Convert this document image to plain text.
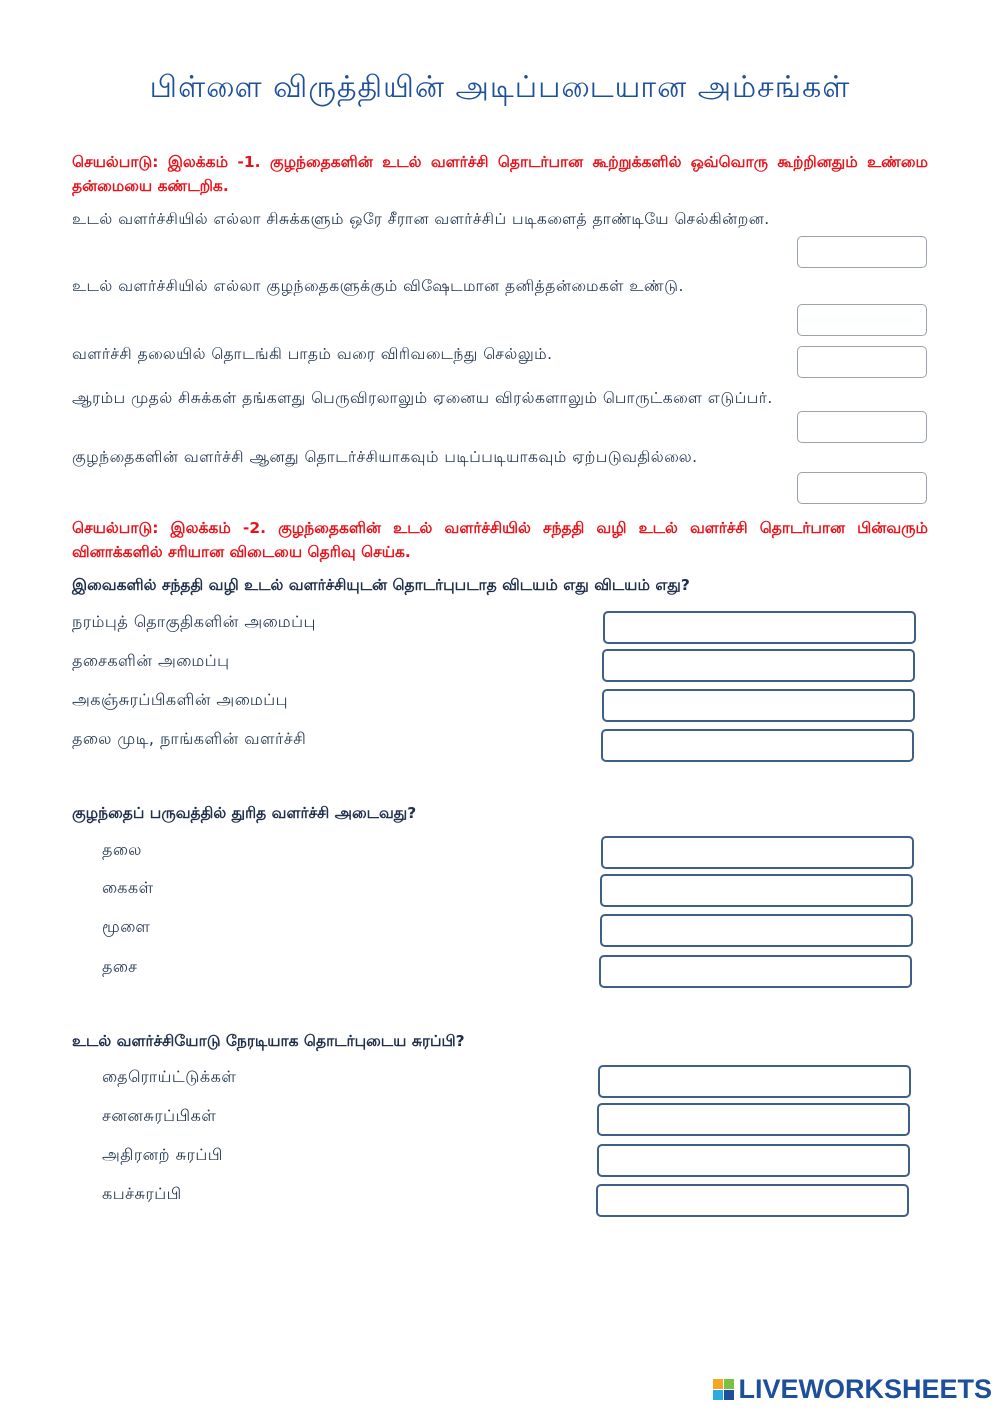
பிள்ளை விருத்தியின் அடிப்படையான அம்சங்கள்
செயல்பாடு: இலக்கம் -1. குழந்தைகளின் உடல் வளர்ச்சி தொடர்பான கூற்றுக்களில் ஒவ்வொரு கூற்றினதும் உண்மை தன்மையை கண்டறிக.
உடல் வளர்ச்சியில் எல்லா சிசுக்களும் ஒரே சீரான வளர்ச்சிப் படிகளைத் தாண்டியே செல்கின்றன.
உடல் வளர்ச்சியில் எல்லா குழந்தைகளுக்கும் விஷேடமான தனித்தன்மைகள் உண்டு.
வளர்ச்சி தலையில் தொடங்கி பாதம் வரை விரிவடைந்து செல்லும்.
ஆரம்ப முதல் சிசுக்கள் தங்களது பெருவிரலாலும் ஏனைய விரல்களாலும் பொருட்களை எடுப்பர்.
குழந்தைகளின் வளர்ச்சி ஆனது தொடர்ச்சியாகவும் படிப்படியாகவும் ஏற்படுவதில்லை.
செயல்பாடு: இலக்கம் -2. குழந்தைகளின் உடல் வளர்ச்சியில் சந்ததி வழி உடல் வளர்ச்சி தொடர்பான பின்வரும் வினாக்களில் சரியான விடையை தெரிவு செய்க.
இவைகளில் சந்ததி வழி உடல் வளர்ச்சியுடன் தொடர்புபடாத விடயம் எது விடயம் எது?
நரம்புத் தொகுதிகளின் அமைப்பு
தசைகளின் அமைப்பு
அகஞ்சுரப்பிகளின் அமைப்பு
தலை முடி, நாங்களின் வளர்ச்சி
குழந்தைப் பருவத்தில் துரித வளர்ச்சி அடைவது?
தலை
கைகள்
மூளை
தசை
உடல் வளர்ச்சியோடு நேரடியாக தொடர்புடைய சுரப்பி?
தைரொய்ட்டுக்கள்
சனனசுரப்பிகள்
அதிரனற் சுரப்பி
கபச்சுரப்பி
LIVEWORKSHEETS
